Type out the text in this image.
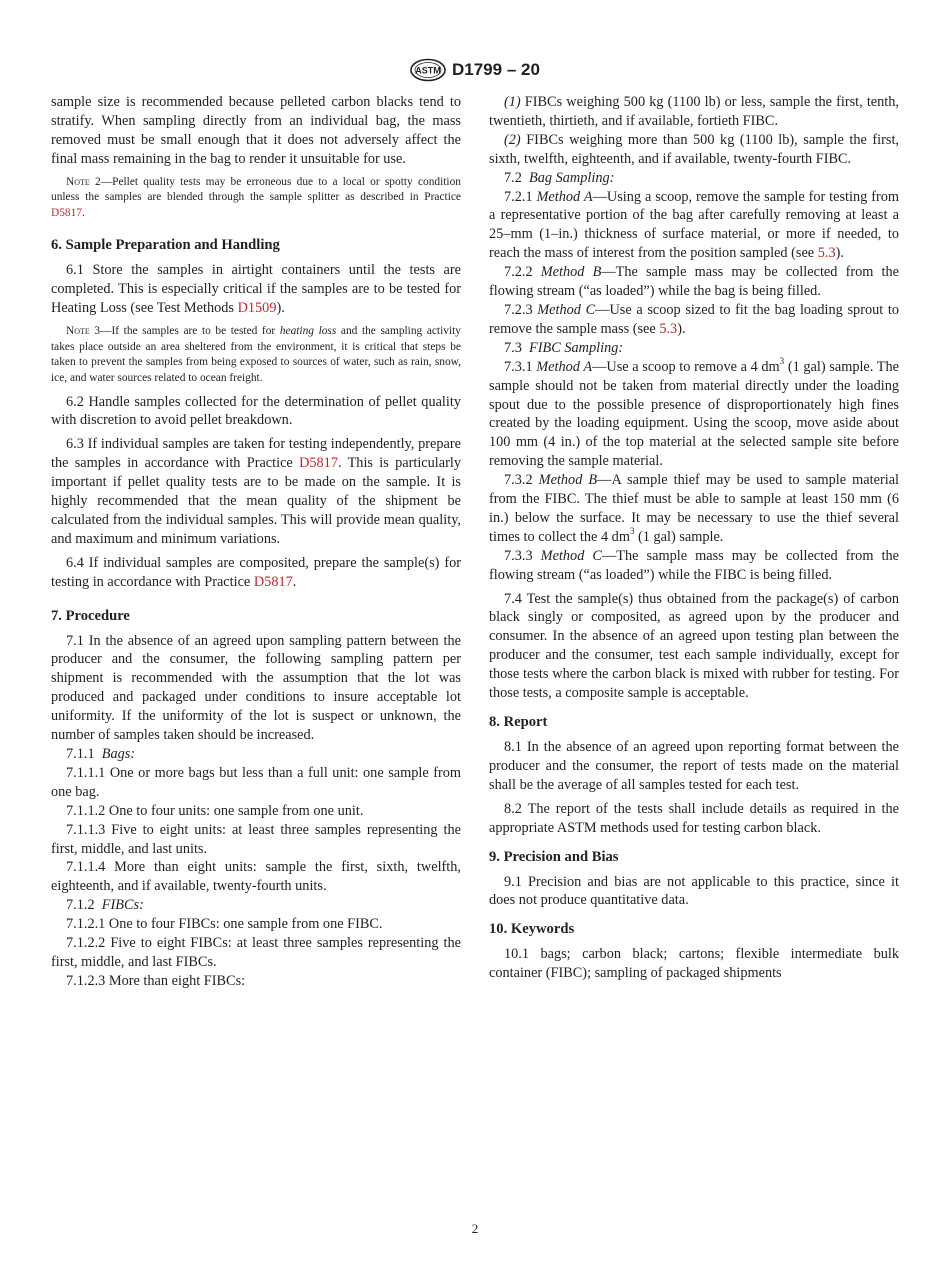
ASTM D1799 – 20

sample size is recommended because pelleted carbon blacks tend to stratify. When sampling directly from an individual bag, the mass removed must be small enough that it does not adversely affect the final mass remaining in the bag to render it unsuitable for use.

Note 2—Pellet quality tests may be erroneous due to a local or spotty condition unless the samples are blended through the sample splitter as described in Practice D5817.
6. Sample Preparation and Handling

6.1 Store the samples in airtight containers until the tests are completed. This is especially critical if the samples are to be tested for Heating Loss (see Test Methods D1509).

Note 3—If the samples are to be tested for heating loss and the sampling activity takes place outside an area sheltered from the environment, it is critical that steps be taken to prevent the samples from being exposed to sources of water, such as rain, snow, ice, and water sources related to ocean freight.

6.2 Handle samples collected for the determination of pellet quality with discretion to avoid pellet breakdown.

6.3 If individual samples are taken for testing independently, prepare the samples in accordance with Practice D5817. This is particularly important if pellet quality tests are to be made on the sample. It is highly recommended that the mean quality of the shipment be calculated from the individual samples. This will provide mean quality, and maximum and minimum variations.

6.4 If individual samples are composited, prepare the sample(s) for testing in accordance with Practice D5817.

7. Procedure

7.1 In the absence of an agreed upon sampling pattern between the producer and the consumer, the following sampling pattern per shipment is recommended with the assumption that the lot was produced and packaged under conditions to insure acceptable lot uniformity. If the uniformity of the lot is suspect or unknown, the number of samples taken should be increased.

7.1.1 Bags:

7.1.1.1 One or more bags but less than a full unit: one sample from one bag.

7.1.1.2 One to four units: one sample from one unit.

7.1.1.3 Five to eight units: at least three samples representing the first, middle, and last units.

7.1.1.4 More than eight units: sample the first, sixth, twelfth, eighteenth, and if available, twenty-fourth units.

7.1.2 FIBCs:

7.1.2.1 One to four FIBCs: one sample from one FIBC.

7.1.2.2 Five to eight FIBCs: at least three samples representing the first, middle, and last FIBCs.

7.1.2.3 More than eight FIBCs:

(1) FIBCs weighing 500 kg (1100 lb) or less, sample the first, tenth, twentieth, thirtieth, and if available, fortieth FIBC.

(2) FIBCs weighing more than 500 kg (1100 lb), sample the first, sixth, twelfth, eighteenth, and if available, twenty-fourth FIBC.

7.2 Bag Sampling:

7.2.1 Method A—Using a scoop, remove the sample for testing from a representative portion of the bag after carefully removing at least a 25–mm (1–in.) thickness of surface material, or more if needed, to reach the mass of interest from the position sampled (see 5.3).

7.2.2 Method B—The sample mass may be collected from the flowing stream (“as loaded”) while the bag is being filled.

7.2.3 Method C—Use a scoop sized to fit the bag loading sprout to remove the sample mass (see 5.3).

7.3 FIBC Sampling:

7.3.1 Method A—Use a scoop to remove a 4 $dm^3$ (1 gal) sample. The sample should not be taken from material directly under the loading spout due to the possible presence of disproportionately high fines created by the loading equipment. Using the scoop, move aside about 100 mm (4 in.) of the top material at the selected sample site before removing the sample material.

7.3.2 Method B—A sample thief may be used to sample material from the FIBC. The thief must be able to sample at least 150 mm (6 in.) below the surface. It may be necessary to use the thief several times to collect the 4 $dm^3$ (1 gal) sample.

7.3.3 Method C—The sample mass may be collected from the flowing stream (“as loaded”) while the FIBC is being filled.

7.4 Test the sample(s) thus obtained from the package(s) of carbon black singly or composited, as agreed upon by the producer and consumer. In the absence of an agreed upon testing plan between the producer and the consumer, test each sample individually, except for those tests where the carbon black is mixed with rubber for testing. For those tests, a composite sample is acceptable.

8. Report

8.1 In the absence of an agreed upon reporting format between the producer and the consumer, the report of tests made on the material shall be the average of all samples tested for each test.

8.2 The report of the tests shall include details as required in the appropriate ASTM methods used for testing carbon black.

9. Precision and Bias

9.1 Precision and bias are not applicable to this practice, since it does not produce quantitative data.

10. Keywords

10.1 bags; carbon black; cartons; flexible intermediate bulk container (FIBC); sampling of packaged shipments

2
